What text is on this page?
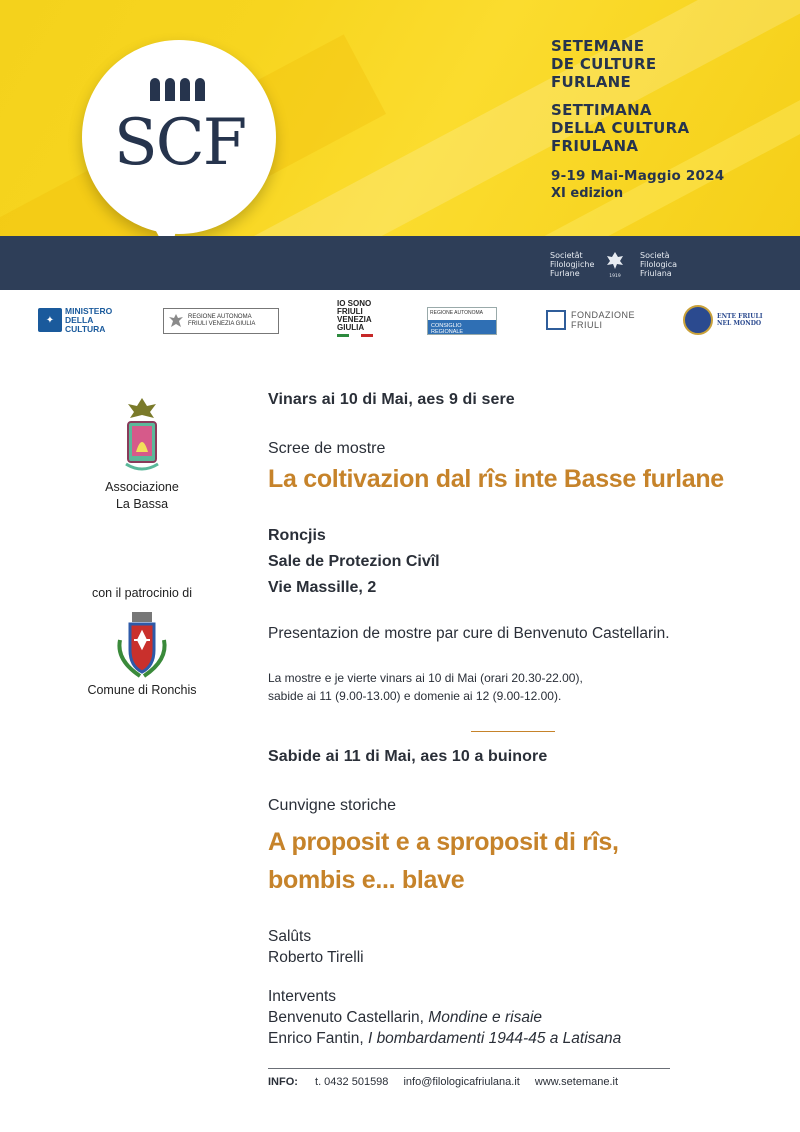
SCF
SETEMANE
DE CULTURE
FURLANE
SETTIMANA
DELLA CULTURA
FRIULANA
9-19 Mai-Maggio 2024
XI edizion
Societât
Filologjiche
Furlane	1919
Società
Filologica
Friulana
✦
MINISTERO
DELLA
CULTURA
REGIONE AUTONOMA
FRIULI VENEZIA GIULIA
IO SONO
FRIULI
VENEZIA
GIULIA
REGIONE AUTONOMA
CONSIGLIO REGIONALE
FONDAZIONE
FRIULI
ENTE FRIULI
NEL MONDO
Associazione
La Bassa
con il patrocinio di
Comune di Ronchis
Vinars ai 10 di Mai, aes 9 di sere
Scree de mostre
La coltivazion dal rîs inte Basse furlane
Roncjis
Sale de Protezion Civîl
Vie Massille, 2
Presentazion de mostre par cure di Benvenuto Castellarin.
La mostre e je vierte vinars ai 10 di Mai (orari 20.30-22.00),
sabide ai 11 (9.00-13.00) e domenie ai 12 (9.00-12.00).
Sabide ai 11 di Mai, aes 10 a buinore
Cunvigne storiche
A proposit e a sproposit di rîs,
bombis e... blave
Salûts
Roberto Tirelli
Intervents
Benvenuto Castellarin, Mondine e risaie
Enrico Fantin, I bombardamenti 1944-45 a Latisana
INFO: t. 0432 501598 info@filologicafriulana.it www.setemane.it
